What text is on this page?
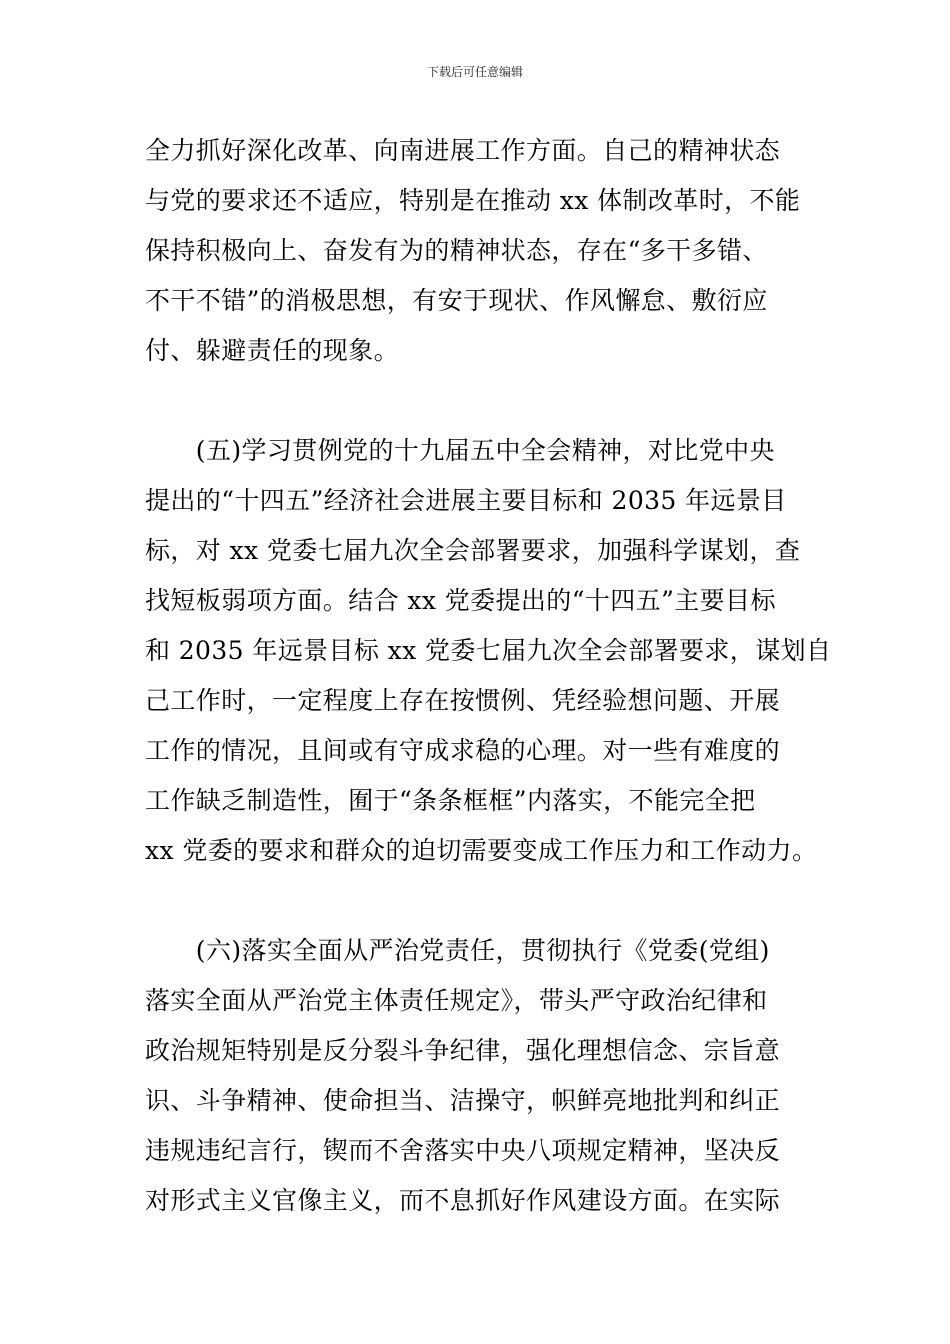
下载后可任意编辑

全力抓好深化改革、向南进展工作方面。自己的精神状态
与党的要求还不适应，特别是在推动 xx 体制改革时，不能
保持积极向上、奋发有为的精神状态，存在“多干多错、
不干不错”的消极思想，有安于现状、作风懈怠、敷衍应
付、躲避责任的现象。

　　(五)学习贯例党的十九届五中全会精神，对比党中央
提出的“十四五”经济社会进展主要目标和 2035 年远景目
标，对 xx 党委七届九次全会部署要求，加强科学谋划，查
找短板弱项方面。结合 xx 党委提出的“十四五”主要目标
和 2035 年远景目标 xx 党委七届九次全会部署要求，谋划自
己工作时，一定程度上存在按惯例、凭经验想问题、开展
工作的情况，且间或有守成求稳的心理。对一些有难度的
工作缺乏制造性，囿于“条条框框”内落实，不能完全把
xx 党委的要求和群众的迫切需要变成工作压力和工作动力。

　　(六)落实全面从严治党责任，贯彻执行《党委(党组)
落实全面从严治党主体责任规定》，带头严守政治纪律和
政治规矩特别是反分裂斗争纪律，强化理想信念、宗旨意
识、斗争精神、使命担当、洁操守，帜鲜亮地批判和纠正
违规违纪言行，锲而不舍落实中央八项规定精神，坚决反
对形式主义官像主义，而不息抓好作风建设方面。在实际
